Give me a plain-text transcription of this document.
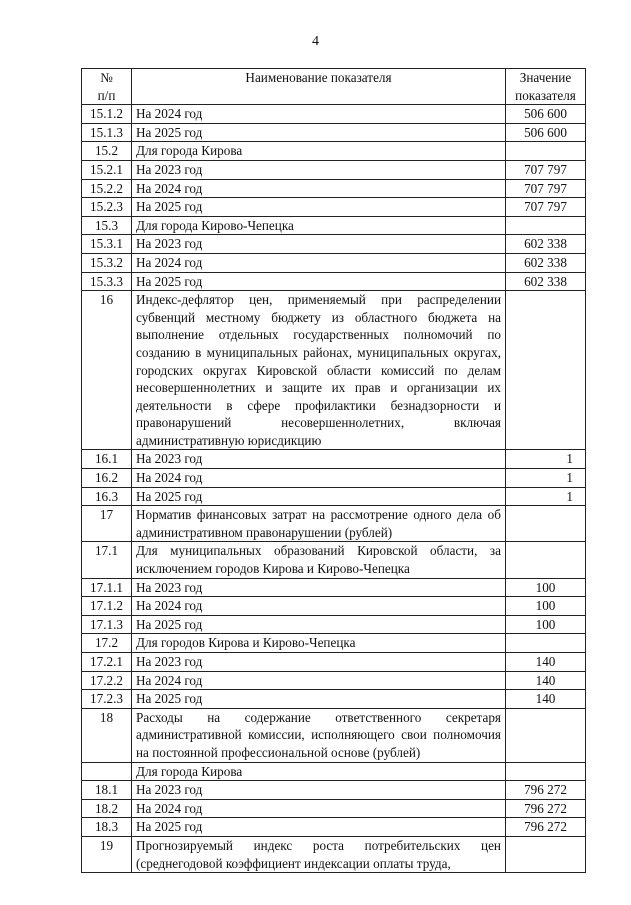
4
№
п/п	Наименование показателя	Значение
показателя
15.1.2	На 2024 год	506 600
15.1.3	На 2025 год	506 600
15.2	Для города Кирова	
15.2.1	На 2023 год	707 797
15.2.2	На 2024 год	707 797
15.2.3	На 2025 год	707 797
15.3	Для города Кирово-Чепецка	
15.3.1	На 2023 год	602 338
15.3.2	На 2024 год	602 338
15.3.3	На 2025 год	602 338
16	Индекс-дефлятор цен, применяемый при распределении субвенций местному бюджету из областного бюджета на выполнение отдельных государственных полномочий по созданию в муниципальных районах, муниципальных округах, городских округах Кировской области комиссий по делам несовершеннолетних и защите их прав и организации их деятельности в сфере профилактики безнадзорности и правонарушений несовершеннолетних, включая административную юрисдикцию	
16.1	На 2023 год	1
16.2	На 2024 год	1
16.3	На 2025 год	1
17	Норматив финансовых затрат на рассмотрение одного дела об административном правонарушении (рублей)	
17.1	Для муниципальных образований Кировской области, за исключением городов Кирова и Кирово-Чепецка	
17.1.1	На 2023 год	100
17.1.2	На 2024 год	100
17.1.3	На 2025 год	100
17.2	Для городов Кирова и Кирово-Чепецка	
17.2.1	На 2023 год	140
17.2.2	На 2024 год	140
17.2.3	На 2025 год	140
18	Расходы на содержание ответственного секретаря административной комиссии, исполняющего свои полномочия на постоянной профессиональной основе (рублей)	
	Для города Кирова	
18.1	На 2023 год	796 272
18.2	На 2024 год	796 272
18.3	На 2025 год	796 272
19	Прогнозируемый индекс роста потребительских цен (среднегодовой коэффициент индексации оплаты труда,	
